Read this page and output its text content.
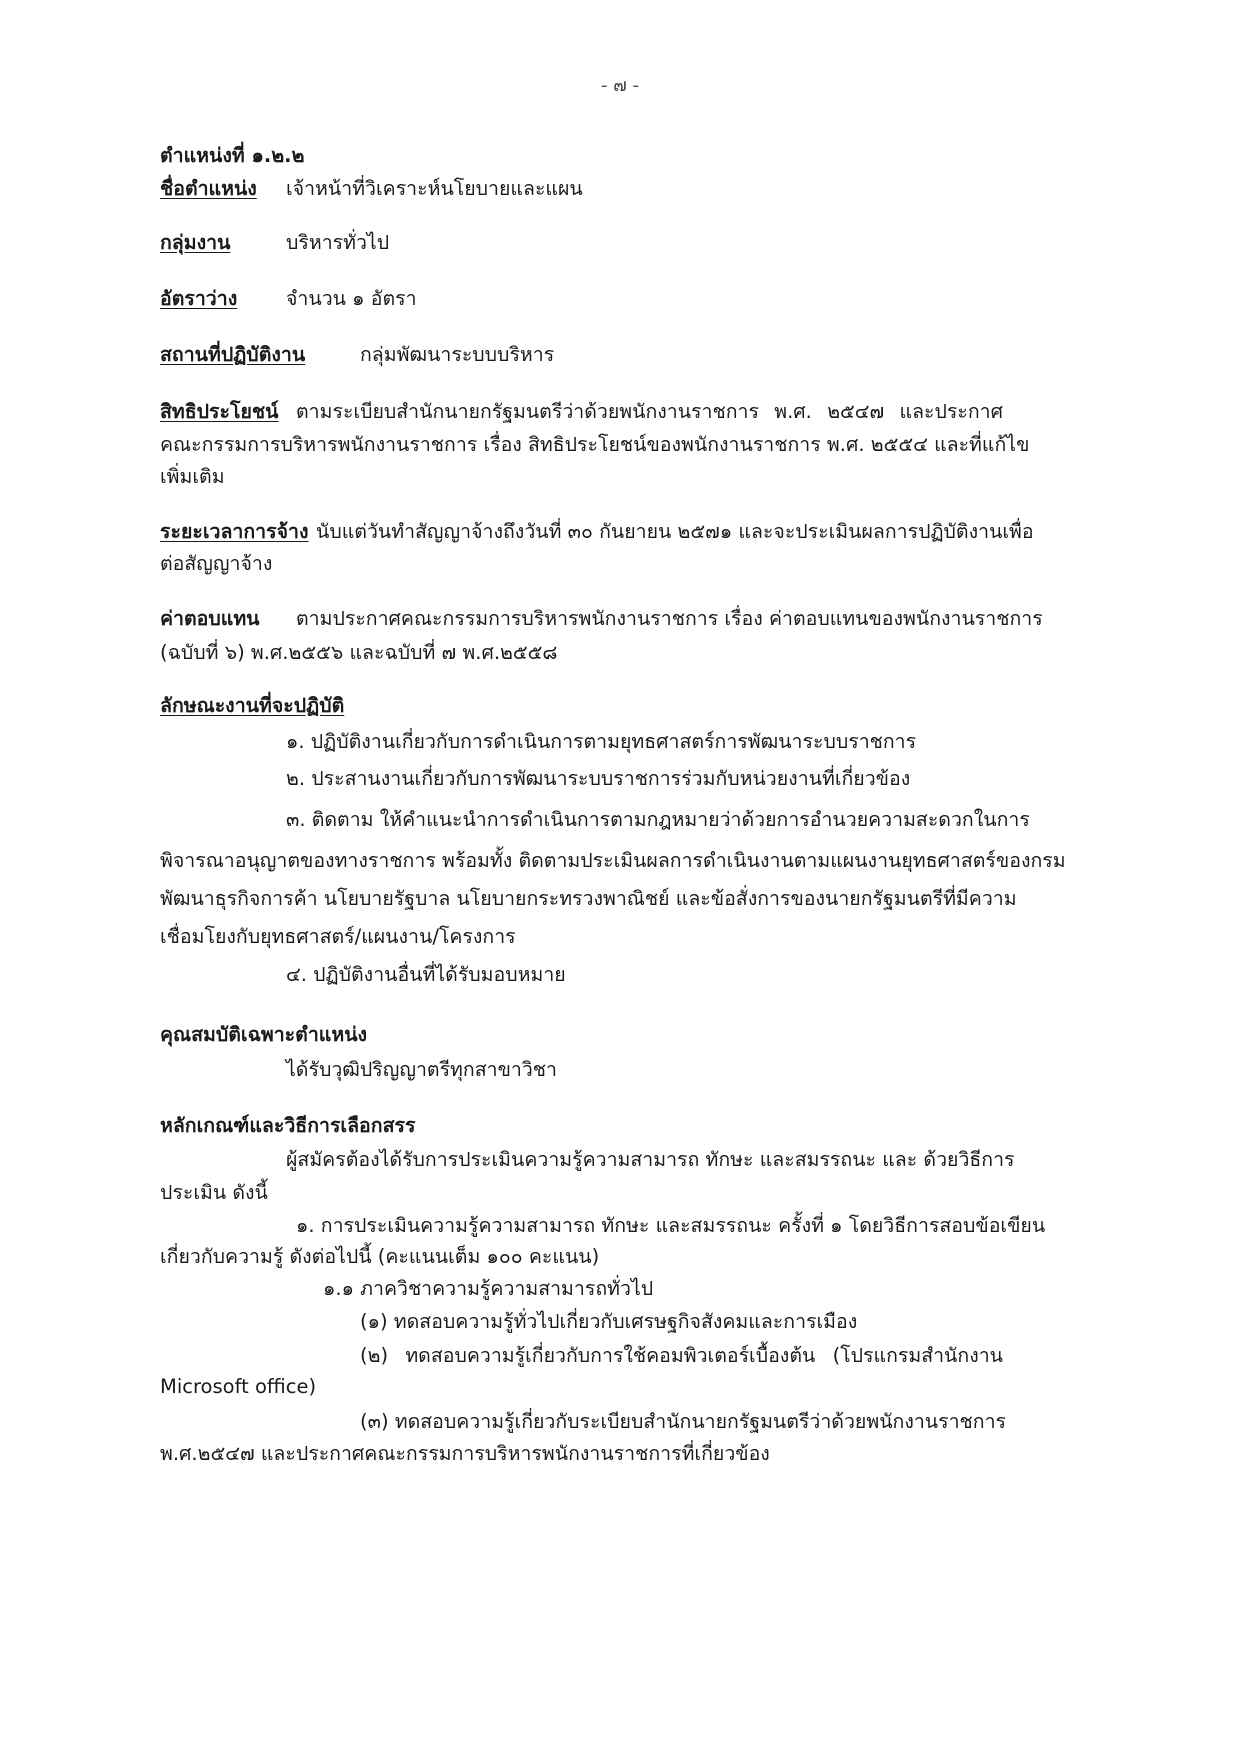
- ๗ -
ตำแหน่งที่ ๑.๒.๒
ชื่อตำแหน่ง เจ้าหน้าที่วิเคราะห์นโยบายและแผน
กลุ่มงาน	บริหารทั่วไป
อัตราว่าง	จำนวน ๑ อัตรา
สถานที่ปฏิบัติงาน	กลุ่มพัฒนาระบบบริหาร
สิทธิประโยชน์ ตามระเบียบสำนักนายกรัฐมนตรีว่าด้วยพนักงานราชการ พ.ศ. ๒๕๔๗ และประกาศ
คณะกรรมการบริหารพนักงานราชการ เรื่อง สิทธิประโยชน์ของพนักงานราชการ พ.ศ. ๒๕๕๔ และที่แก้ไข
เพิ่มเติม
ระยะเวลาการจ้าง นับแต่วันทำสัญญาจ้างถึงวันที่ ๓๐ กันยายน ๒๕๗๑ และจะประเมินผลการปฏิบัติงานเพื่อ
ต่อสัญญาจ้าง
ค่าตอบแทน ตามประกาศคณะกรรมการบริหารพนักงานราชการ เรื่อง ค่าตอบแทนของพนักงานราชการ
(ฉบับที่ ๖) พ.ศ.๒๕๕๖ และฉบับที่ ๗ พ.ศ.๒๕๕๘
ลักษณะงานที่จะปฏิบัติ
๑. ปฏิบัติงานเกี่ยวกับการดำเนินการตามยุทธศาสตร์การพัฒนาระบบราชการ
๒. ประสานงานเกี่ยวกับการพัฒนาระบบราชการร่วมกับหน่วยงานที่เกี่ยวข้อง
๓. ติดตาม ให้คำแนะนำการดำเนินการตามกฎหมายว่าด้วยการอำนวยความสะดวกในการ
พิจารณาอนุญาตของทางราชการ พร้อมทั้ง ติดตามประเมินผลการดำเนินงานตามแผนงานยุทธศาสตร์ของกรม
พัฒนาธุรกิจการค้า นโยบายรัฐบาล นโยบายกระทรวงพาณิชย์ และข้อสั่งการของนายกรัฐมนตรีที่มีความ
เชื่อมโยงกับยุทธศาสตร์/แผนงาน/โครงการ
๔. ปฏิบัติงานอื่นที่ได้รับมอบหมาย
คุณสมบัติเฉพาะตำแหน่ง
ได้รับวุฒิปริญญาตรีทุกสาขาวิชา
หลักเกณฑ์และวิธีการเลือกสรร
ผู้สมัครต้องได้รับการประเมินความรู้ความสามารถ ทักษะ และสมรรถนะ และ ด้วยวิธีการ
ประเมิน ดังนี้
๑. การประเมินความรู้ความสามารถ ทักษะ และสมรรถนะ ครั้งที่ ๑ โดยวิธีการสอบข้อเขียน
เกี่ยวกับความรู้ ดังต่อไปนี้ (คะแนนเต็ม ๑๐๐ คะแนน)
๑.๑ ภาควิชาความรู้ความสามารถทั่วไป
(๑) ทดสอบความรู้ทั่วไปเกี่ยวกับเศรษฐกิจสังคมและการเมือง
(๒) ทดสอบความรู้เกี่ยวกับการใช้คอมพิวเตอร์เบื้องต้น (โปรแกรมสำนักงาน
Microsoft office)
(๓) ทดสอบความรู้เกี่ยวกับระเบียบสำนักนายกรัฐมนตรีว่าด้วยพนักงานราชการ
พ.ศ.๒๕๔๗ และประกาศคณะกรรมการบริหารพนักงานราชการที่เกี่ยวข้อง
